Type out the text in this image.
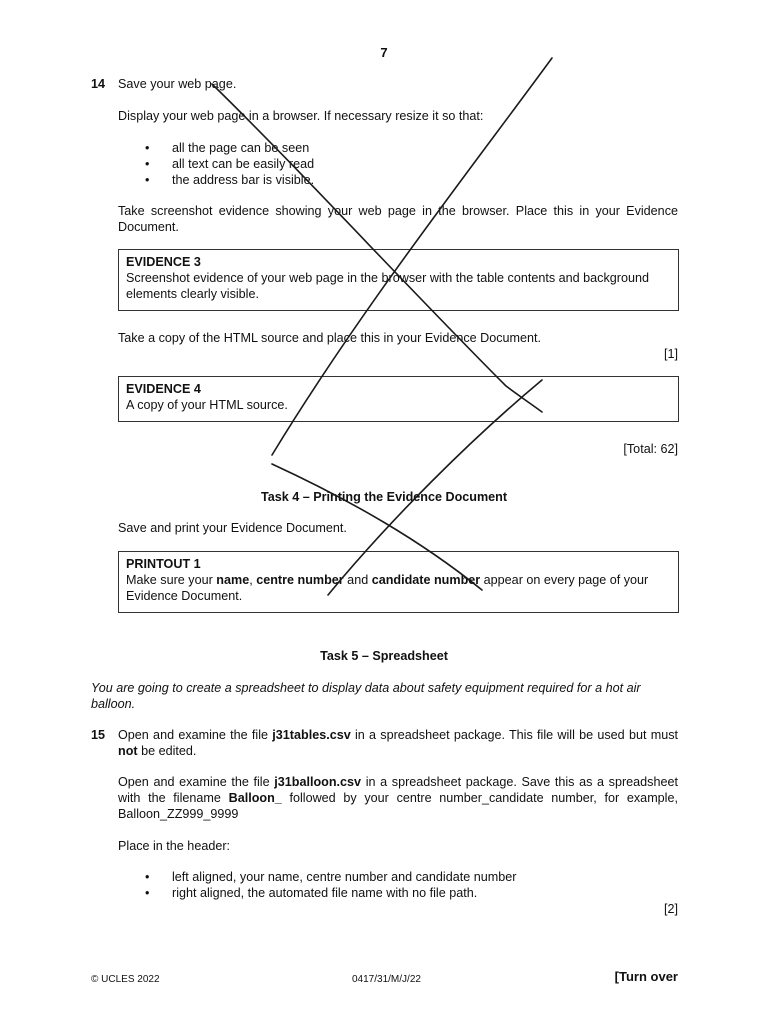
7
14 Save your web page.
Display your web page in a browser. If necessary resize it so that:
• all the page can be seen
• all text can be easily read
• the address bar is visible.
Take screenshot evidence showing your web page in the browser. Place this in your Evidence Document.
EVIDENCE 3
Screenshot evidence of your web page in the browser with the table contents and background elements clearly visible.
Take a copy of the HTML source and place this in your Evidence Document.
[1]
EVIDENCE 4
A copy of your HTML source.
[Total: 62]
Task 4 – Printing the Evidence Document
Save and print your Evidence Document.
PRINTOUT 1
Make sure your name, centre number and candidate number appear on every page of your Evidence Document.
Task 5 – Spreadsheet
You are going to create a spreadsheet to display data about safety equipment required for a hot air balloon.
15 Open and examine the file j31tables.csv in a spreadsheet package. This file will be used but must not be edited.
Open and examine the file j31balloon.csv in a spreadsheet package. Save this as a spreadsheet with the filename Balloon_ followed by your centre number_candidate number, for example, Balloon_ZZ999_9999
Place in the header:
• left aligned, your name, centre number and candidate number
• right aligned, the automated file name with no file path.
[2]
© UCLES 2022	0417/31/M/J/22	[Turn over
